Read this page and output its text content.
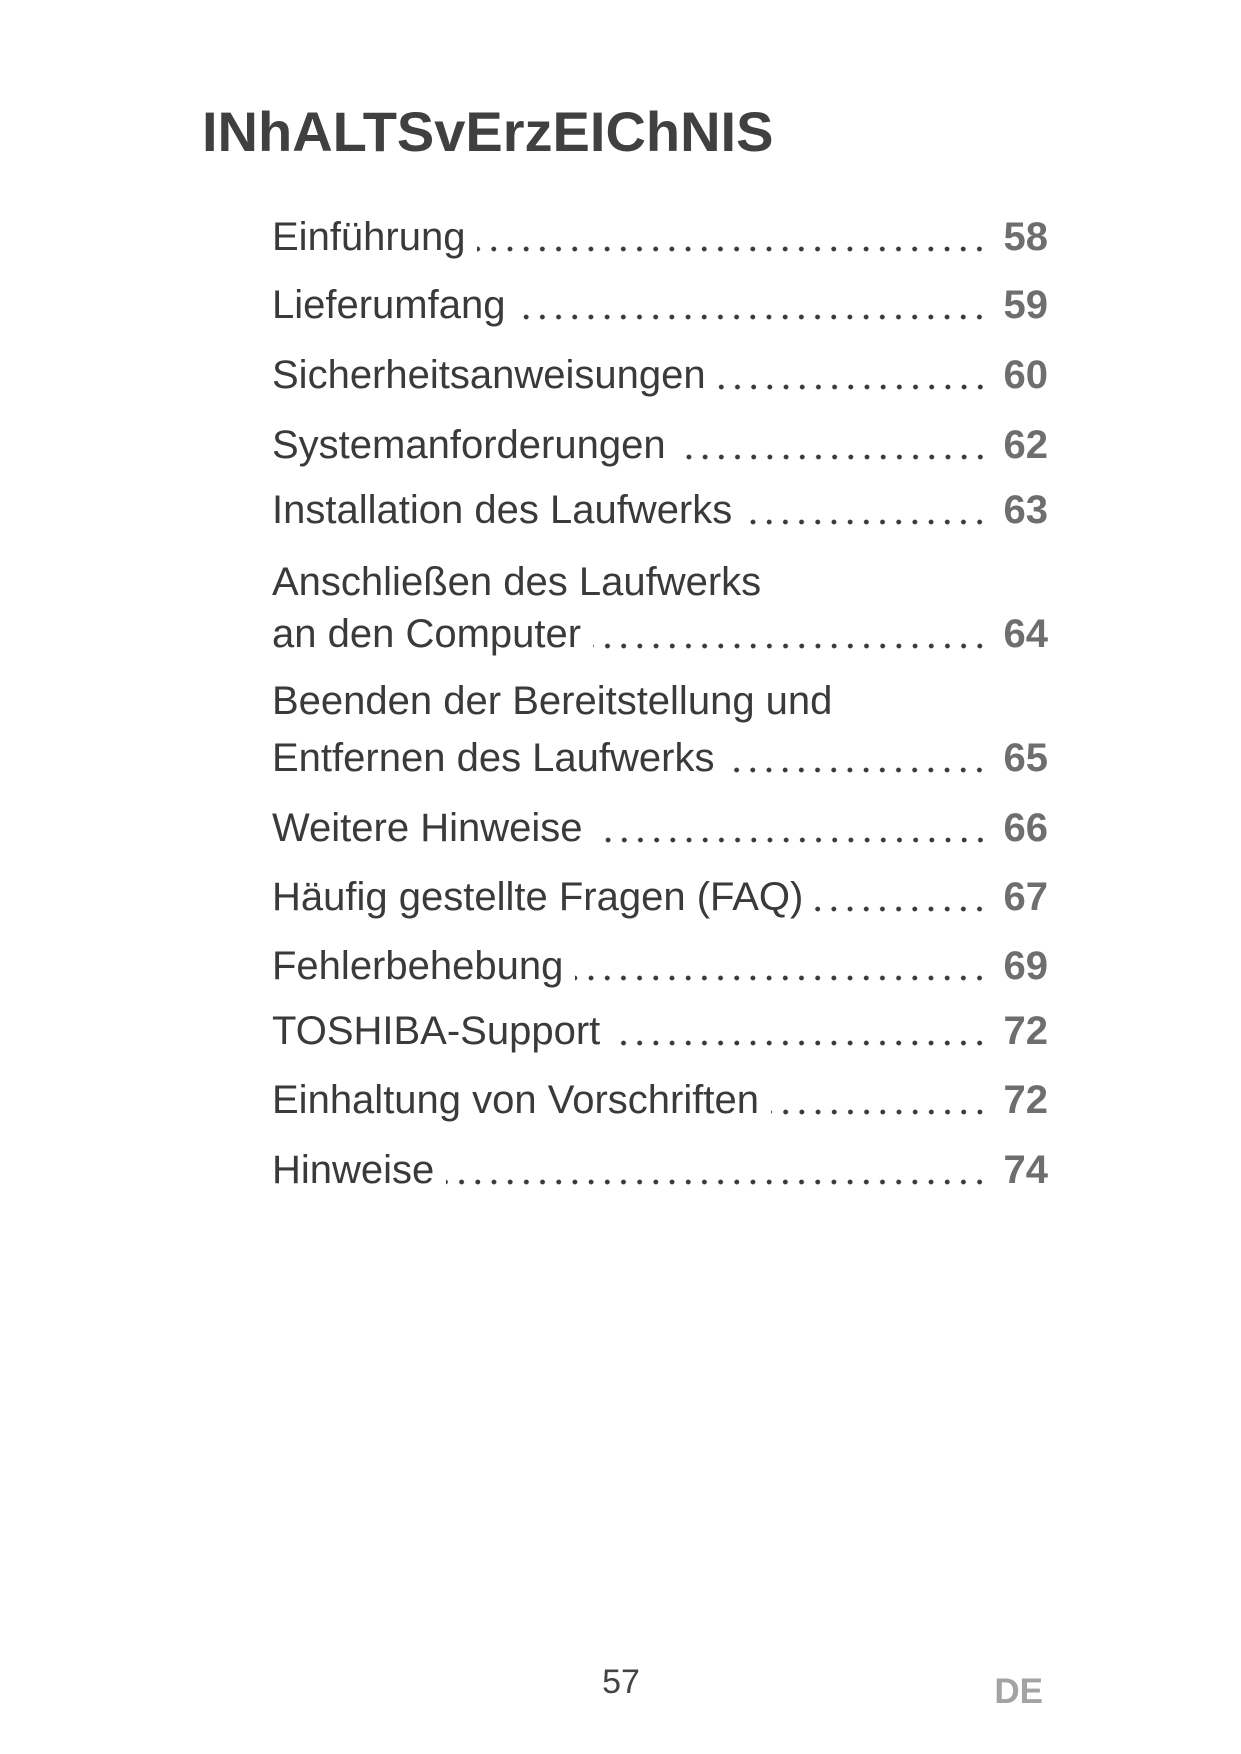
INhALTSvErzEIChNIS
Einführung	58
Lieferumfang	59
Sicherheitsanweisungen	60
Systemanforderungen	62
Installation des Laufwerks	63
Anschließen des Laufwerks
an den Computer	64
Beenden der Bereitstellung und
Entfernen des Laufwerks	65
Weitere Hinweise	66
Häufig gestellte Fragen (FAQ)	67
Fehlerbehebung	69
TOSHIBA-Support	72
Einhaltung von Vorschriften	72
Hinweise	74
57	DE
